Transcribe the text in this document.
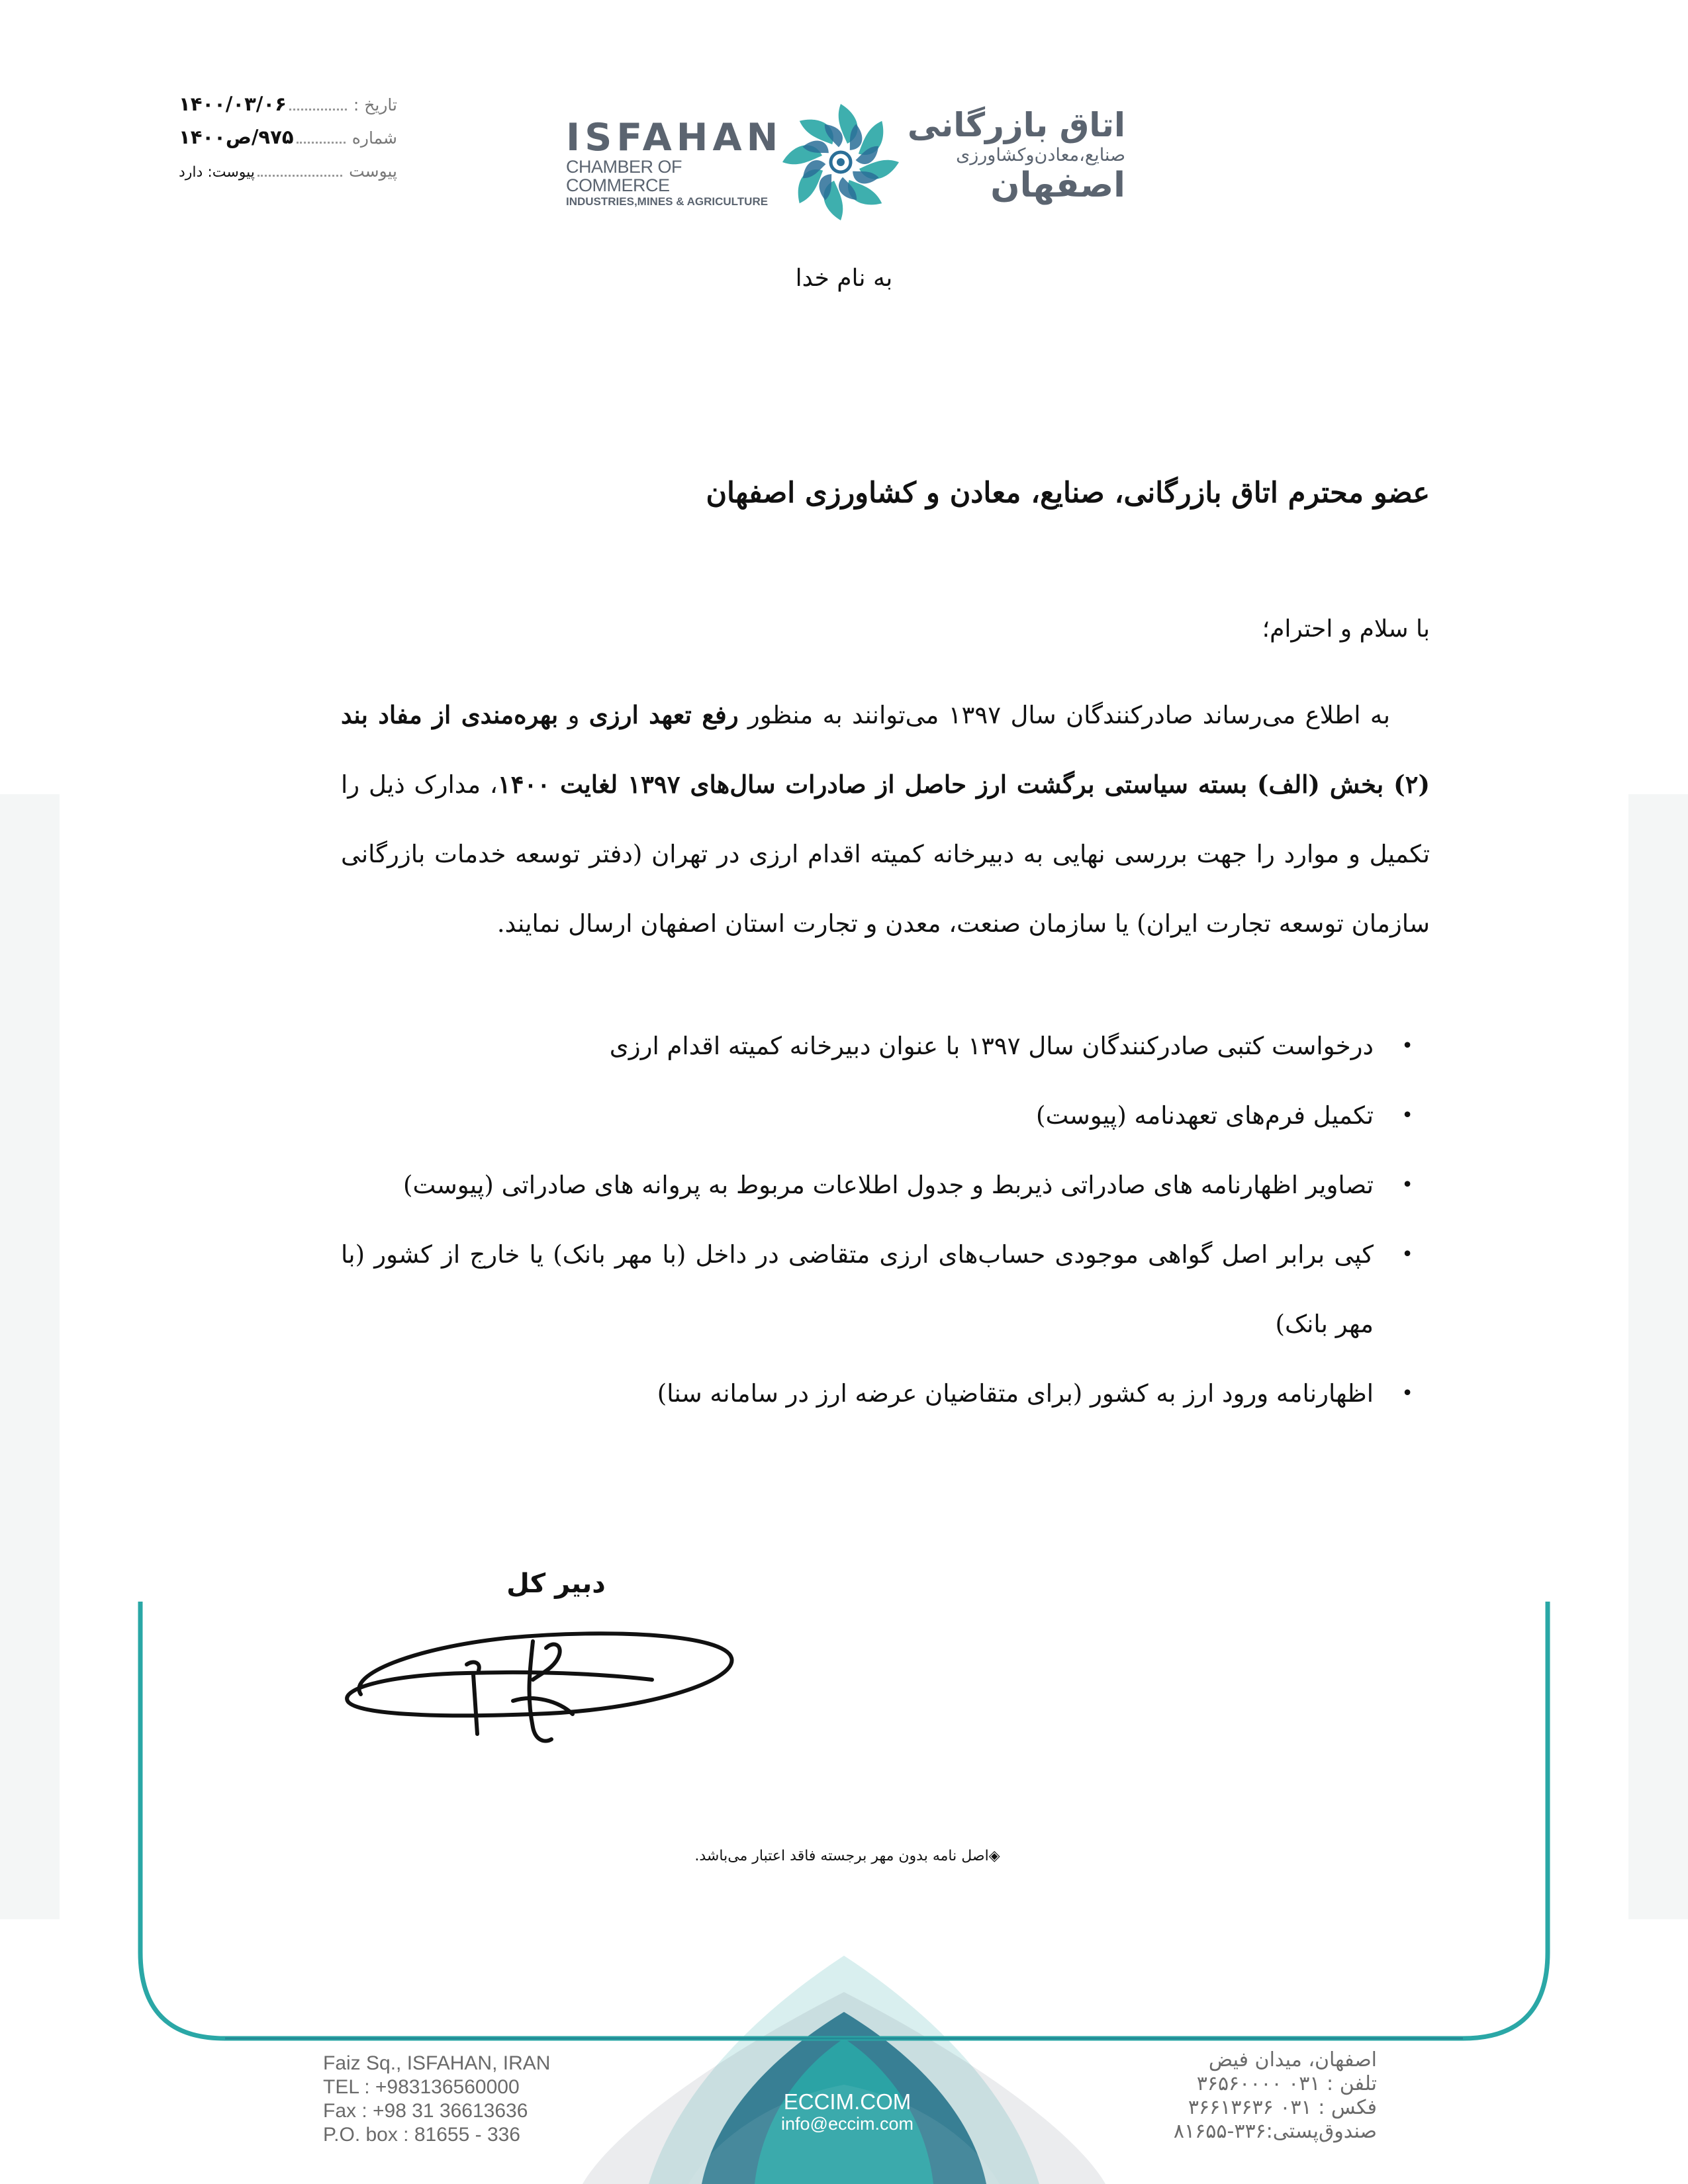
تاریخ :
۱۴۰۰/۰۳/۰۶
شماره
۹۷۵/ص۱۴۰۰
پیوست
پیوست: دارد
ISFAHAN
CHAMBER OF COMMERCE
INDUSTRIES,MINES & AGRICULTURE
اتاق بازرگانی
صنایع،معادن‌وکشاورزی
اصفهان
به نام خدا
عضو محترم اتاق بازرگانی، صنایع، معادن و کشاورزی اصفهان
با سلام و احترام؛
به اطلاع می‌رساند صادرکنندگان سال ۱۳۹۷ می‌توانند به منظور رفع تعهد ارزی و بهره‌مندی از مفاد بند (۲) بخش (الف) بسته سیاستی برگشت ارز حاصل از صادرات سال‌های ۱۳۹۷ لغایت ۱۴۰۰، مدارک ذیل را تکمیل و موارد را جهت بررسی نهایی به دبیرخانه کمیته اقدام ارزی در تهران (دفتر توسعه خدمات بازرگانی سازمان توسعه تجارت ایران) یا سازمان صنعت، معدن و تجارت استان اصفهان ارسال نمایند.
•
درخواست کتبی صادرکنندگان سال ۱۳۹۷ با عنوان دبیرخانه کمیته اقدام ارزی
•
تکمیل فرم‌های تعهدنامه (پیوست)
•
تصاویر اظهارنامه های صادراتی ذیربط و جدول اطلاعات مربوط به پروانه های صادراتی (پیوست)
•
کپی برابر اصل گواهی موجودی حساب‌های ارزی متقاضی در داخل (با مهر بانک) یا خارج از کشور (با مهر بانک)
•
اظهارنامه ورود ارز به کشور (برای متقاضیان عرضه ارز در سامانه سنا)
دبیر کل
◈اصل نامه بدون مهر برجسته فاقد اعتبار می‌باشد.
Faiz Sq., ISFAHAN, IRAN
TEL : +983136560000
Fax : +98 31 36613636
P.O. box : 81655 - 336
ECCIM.COM
info@eccim.com
اصفهان، میدان فیض
تلفن : ۰۳۱ ۳۶۵۶۰۰۰۰
فکس : ۰۳۱ ۳۶۶۱۳۶۳۶
صندوق‌پستی:۳۳۶-۸۱۶۵۵
